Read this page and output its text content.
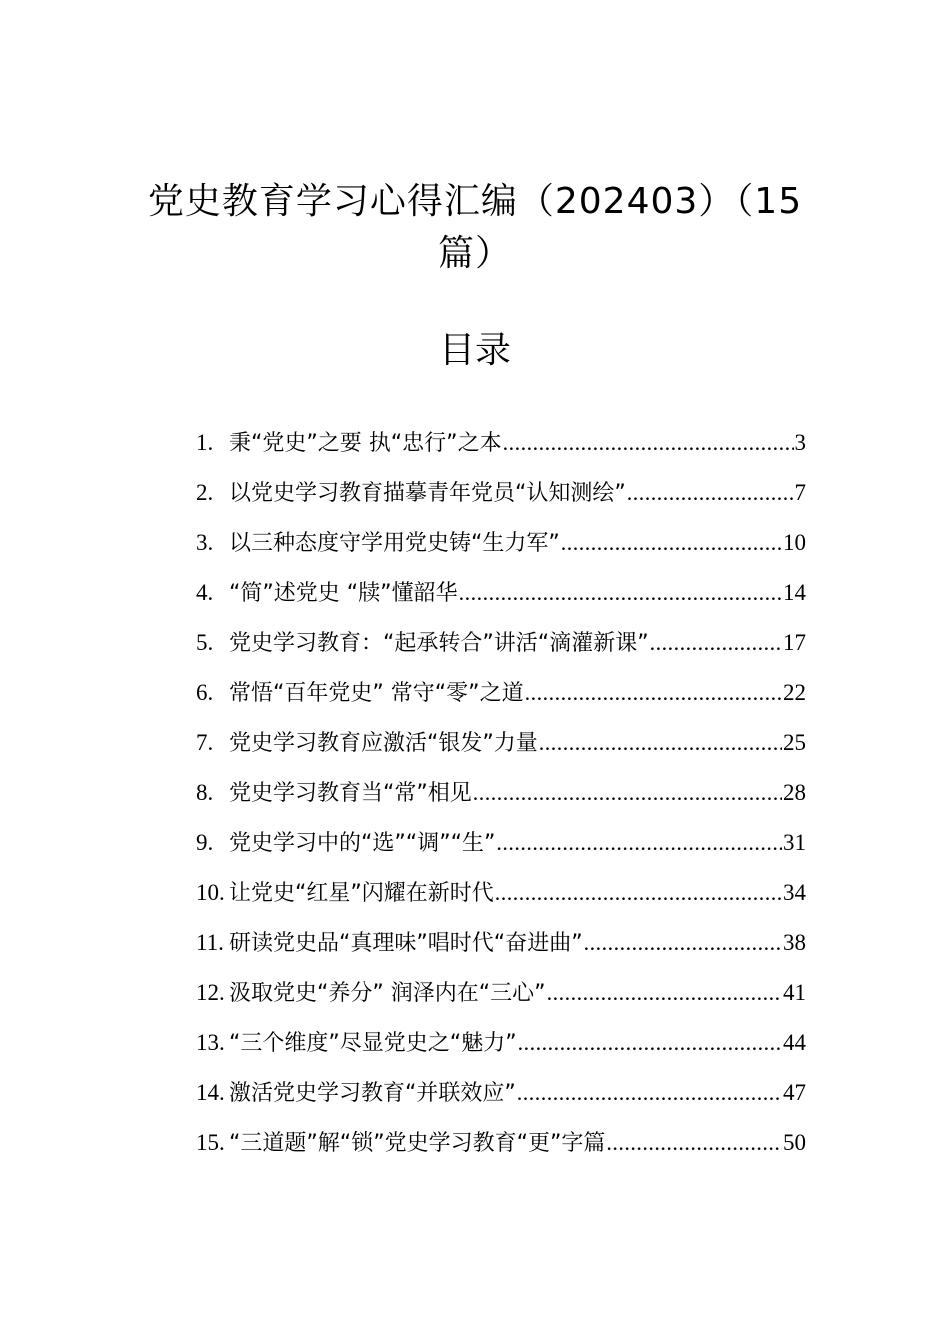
党史教育学习心得汇编（202403）（15篇）
目录
1. 秉“党史”之要 执“忠行”之本 .....	3
2. 以党史学习教育描摹青年党员“认知测绘” .....	7
3. 以三种态度守学用党史铸“生力军” .....	10
4. “简”述党史 “牍”懂韶华 .....	14
5. 党史学习教育：“起承转合”讲活“滴灌新课” .....	17
6. 常悟“百年党史” 常守“零”之道 .....	22
7. 党史学习教育应激活“银发”力量 .....	25
8. 党史学习教育当“常”相见 .....	28
9. 党史学习中的“选”“调”“生” .....	31
10. 让党史“红星”闪耀在新时代 .....	34
11. 研读党史品“真理味”唱时代“奋进曲” .....	38
12. 汲取党史“养分” 润泽内在“三心” .....	41
13. “三个维度”尽显党史之“魅力” .....	44
14. 激活党史学习教育“并联效应” .....	47
15. “三道题”解“锁”党史学习教育“更”字篇 .....	50
